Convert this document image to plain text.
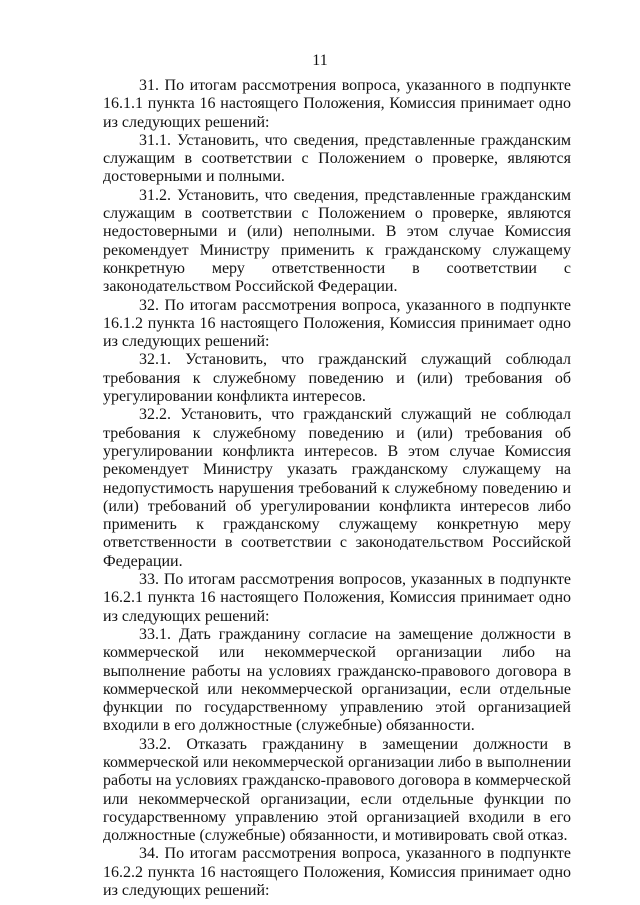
11

31. По итогам рассмотрения вопроса, указанного в подпункте 16.1.1 пункта 16 настоящего Положения, Комиссия принимает одно из следующих решений:

31.1. Установить, что сведения, представленные гражданским служащим в соответствии с Положением о проверке, являются достоверными и полными.

31.2. Установить, что сведения, представленные гражданским служащим в соответствии с Положением о проверке, являются недостоверными и (или) неполными. В этом случае Комиссия рекомендует Министру применить к гражданскому служащему конкретную меру ответственности в соответствии с законодательством Российской Федерации.

32. По итогам рассмотрения вопроса, указанного в подпункте 16.1.2 пункта 16 настоящего Положения, Комиссия принимает одно из следующих решений:

32.1. Установить, что гражданский служащий соблюдал требования к служебному поведению и (или) требования об урегулировании конфликта интересов.

32.2. Установить, что гражданский служащий не соблюдал требования к служебному поведению и (или) требования об урегулировании конфликта интересов. В этом случае Комиссия рекомендует Министру указать гражданскому служащему на недопустимость нарушения требований к служебному поведению и (или) требований об урегулировании конфликта интересов либо применить к гражданскому служащему конкретную меру ответственности в соответствии с законодательством Российской Федерации.

33. По итогам рассмотрения вопросов, указанных в подпункте 16.2.1 пункта 16 настоящего Положения, Комиссия принимает одно из следующих решений:

33.1. Дать гражданину согласие на замещение должности в коммерческой или некоммерческой организации либо на выполнение работы на условиях гражданско-правового договора в коммерческой или некоммерческой организации, если отдельные функции по государственному управлению этой организацией входили в его должностные (служебные) обязанности.

33.2. Отказать гражданину в замещении должности в коммерческой или некоммерческой организации либо в выполнении работы на условиях гражданско-правового договора в коммерческой или некоммерческой организации, если отдельные функции по государственному управлению этой организацией входили в его должностные (служебные) обязанности, и мотивировать свой отказ.

34. По итогам рассмотрения вопроса, указанного в подпункте 16.2.2 пункта 16 настоящего Положения, Комиссия принимает одно из следующих решений:
